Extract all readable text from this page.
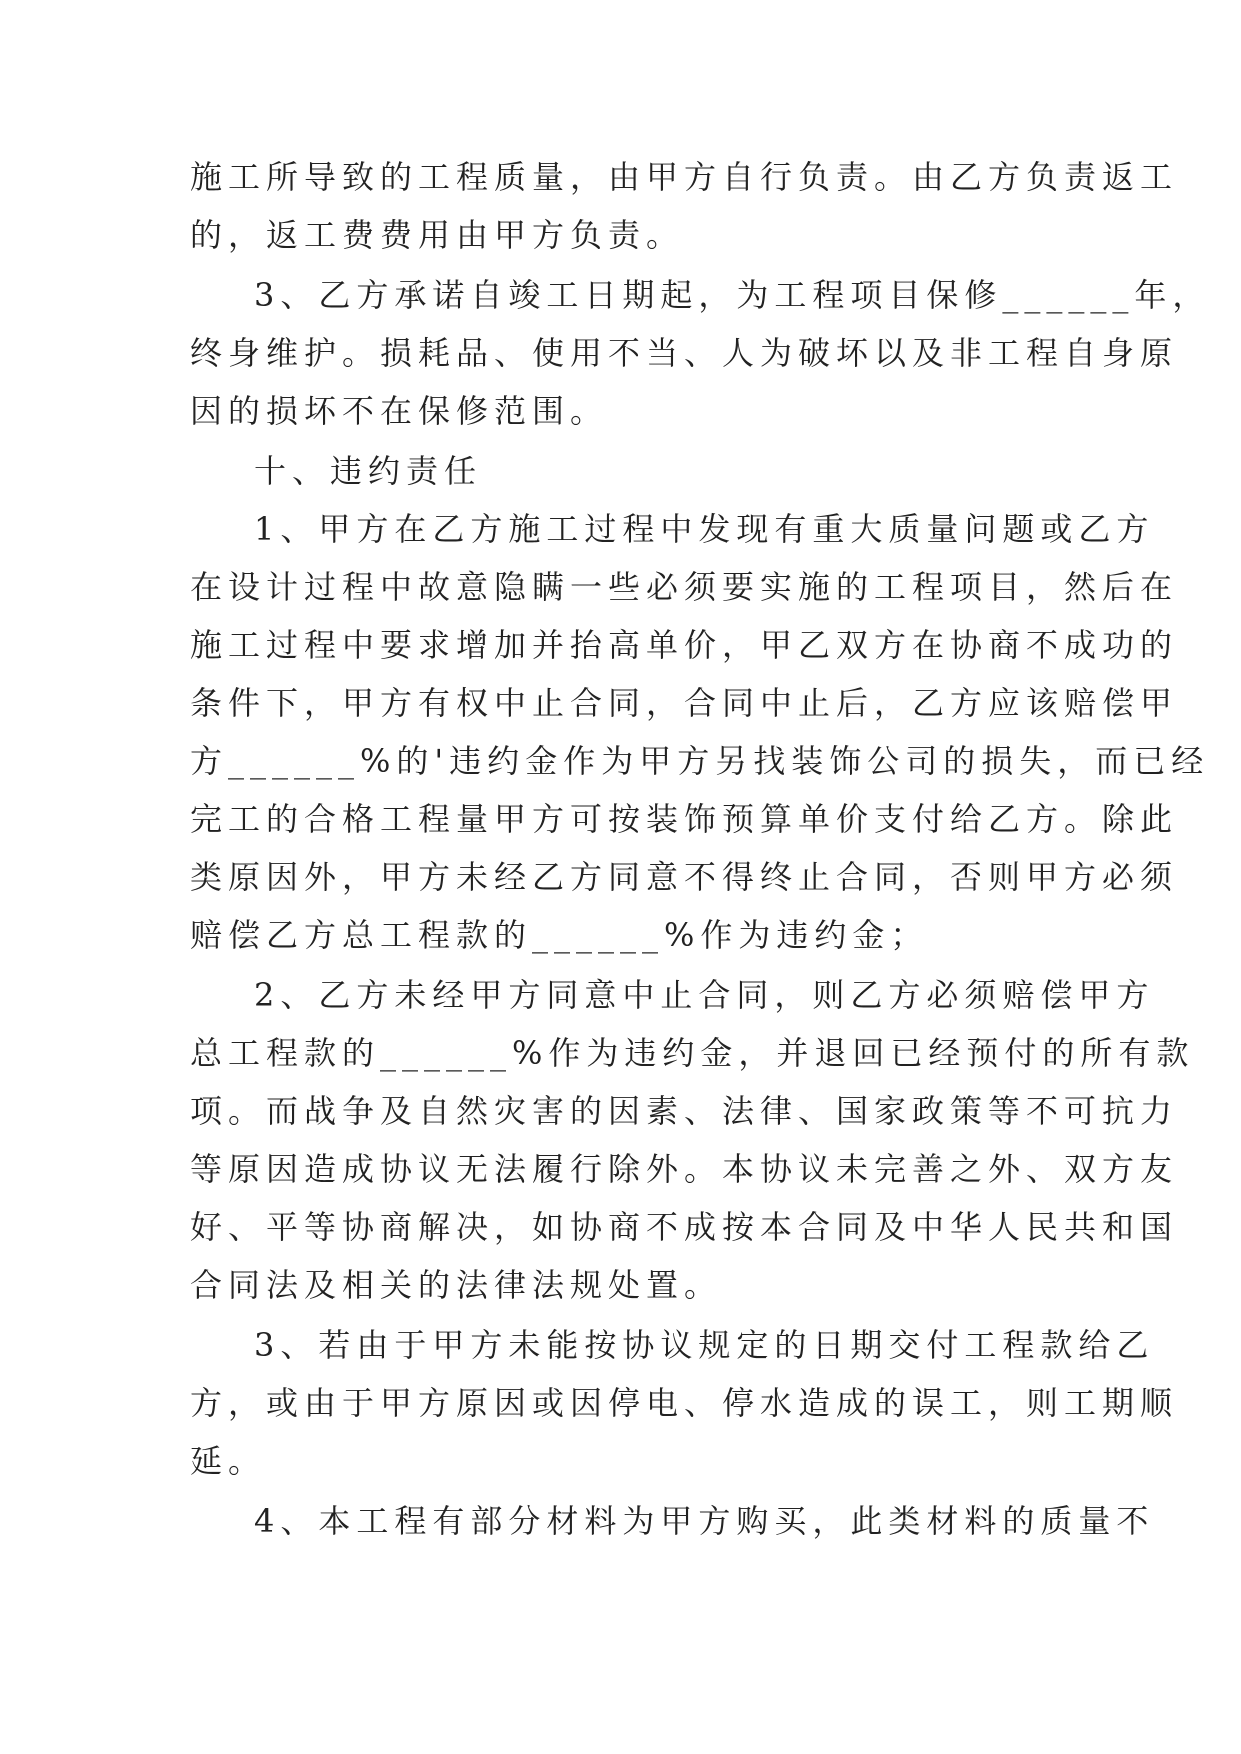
施工所导致的工程质量，由甲方自行负责。由乙方负责返工
的，返工费费用由甲方负责。
3、乙方承诺自竣工日期起，为工程项目保修______年，
终身维护。损耗品、使用不当、人为破坏以及非工程自身原
因的损坏不在保修范围。
十、违约责任
1、甲方在乙方施工过程中发现有重大质量问题或乙方
在设计过程中故意隐瞒一些必须要实施的工程项目，然后在
施工过程中要求增加并抬高单价，甲乙双方在协商不成功的
条件下，甲方有权中止合同，合同中止后，乙方应该赔偿甲
方______%的'违约金作为甲方另找装饰公司的损失，而已经
完工的合格工程量甲方可按装饰预算单价支付给乙方。除此
类原因外，甲方未经乙方同意不得终止合同，否则甲方必须
赔偿乙方总工程款的______%作为违约金；
2、乙方未经甲方同意中止合同，则乙方必须赔偿甲方
总工程款的______%作为违约金，并退回已经预付的所有款
项。而战争及自然灾害的因素、法律、国家政策等不可抗力
等原因造成协议无法履行除外。本协议未完善之外、双方友
好、平等协商解决，如协商不成按本合同及中华人民共和国
合同法及相关的法律法规处置。
3、若由于甲方未能按协议规定的日期交付工程款给乙
方，或由于甲方原因或因停电、停水造成的误工，则工期顺
延。
4、本工程有部分材料为甲方购买，此类材料的质量不
